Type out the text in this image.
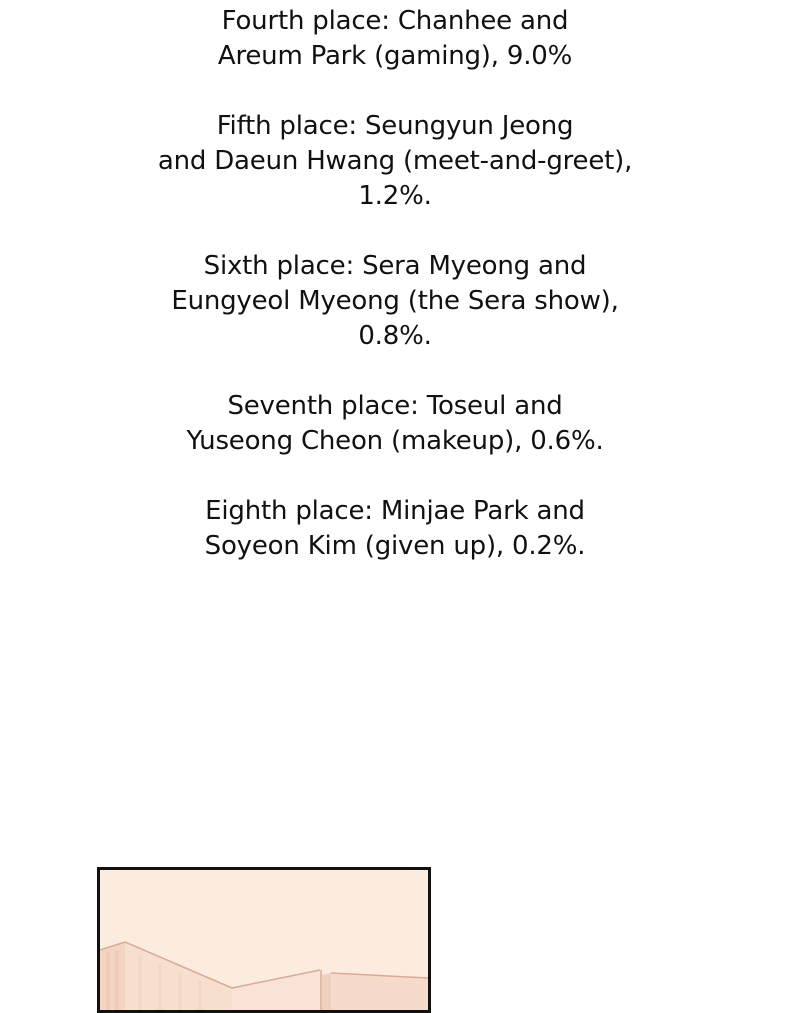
Fourth place: Chanhee and
Areum Park (gaming), 9.0%

Fifth place: Seungyun Jeong
and Daeun Hwang (meet-and-greet),
1.2%.

Sixth place: Sera Myeong and
Eungyeol Myeong (the Sera show),
0.8%.

Seventh place: Toseul and
Yuseong Cheon (makeup), 0.6%.

Eighth place: Minjae Park and
Soyeon Kim (given up), 0.2%.
